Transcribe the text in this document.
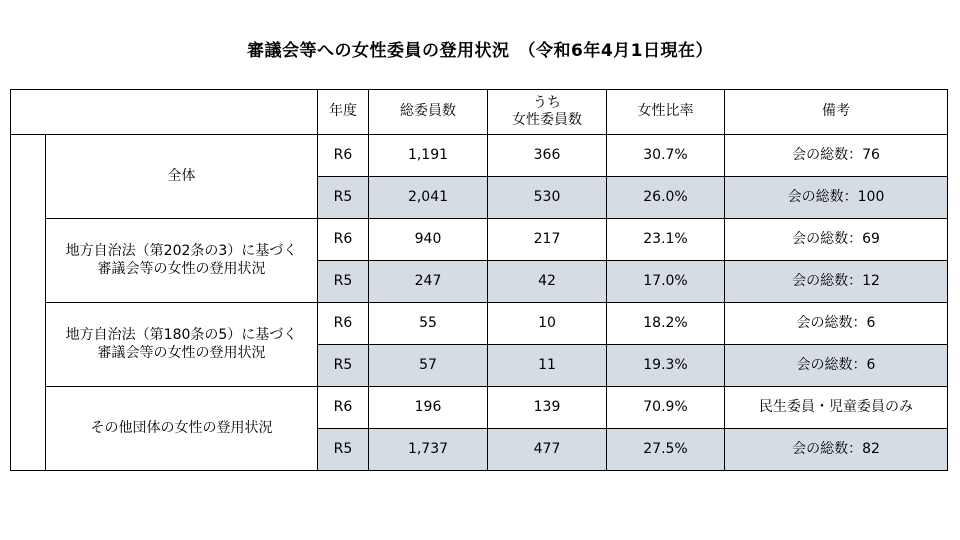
審議会等への女性委員の登用状況　（令和6年4月1日現在）
		年度	総委員数	うち
女性委員数	女性比率	備考

	全体	R6	1,191	366	30.7%	会の総数：76
		R5	2,041	530	26.0%	会の総数：100

	地方自治法（第202条の3）に基づく
審議会等の女性の登用状況	R6	940	217	23.1%	会の総数：69
		R5	247	42	17.0%	会の総数：12

	地方自治法（第180条の5）に基づく
審議会等の女性の登用状況	R6	55	10	18.2%	会の総数：6
		R5	57	11	19.3%	会の総数：6

	その他団体の女性の登用状況	R6	196	139	70.9%	民生委員・児童委員のみ
		R5	1,737	477	27.5%	会の総数：82
